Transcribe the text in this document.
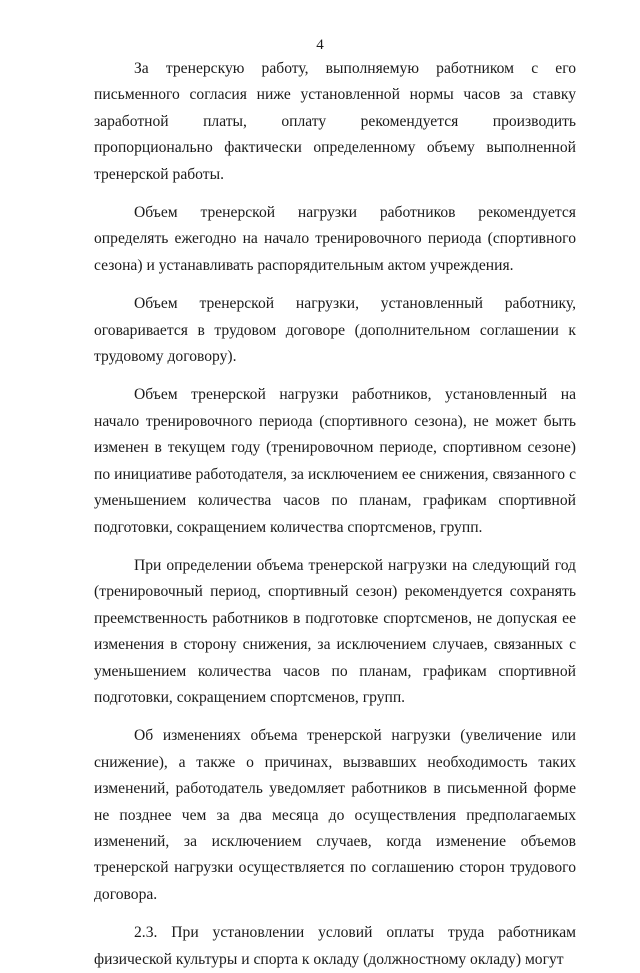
4

За тренерскую работу, выполняемую работником с его письменного согласия ниже установленной нормы часов за ставку заработной платы, оплату рекомендуется производить пропорционально фактически определенному объему выполненной тренерской работы.

Объем тренерской нагрузки работников рекомендуется определять ежегодно на начало тренировочного периода (спортивного сезона) и устанавливать распорядительным актом учреждения.

Объем тренерской нагрузки, установленный работнику, оговаривается в трудовом договоре (дополнительном соглашении к трудовому договору).

Объем тренерской нагрузки работников, установленный на начало тренировочного периода (спортивного сезона), не может быть изменен в текущем году (тренировочном периоде, спортивном сезоне) по инициативе работодателя, за исключением ее снижения, связанного с уменьшением количества часов по планам, графикам спортивной подготовки, сокращением количества спортсменов, групп.

При определении объема тренерской нагрузки на следующий год (тренировочный период, спортивный сезон) рекомендуется сохранять преемственность работников в подготовке спортсменов, не допуская ее изменения в сторону снижения, за исключением случаев, связанных с уменьшением количества часов по планам, графикам спортивной подготовки, сокращением спортсменов, групп.

Об изменениях объема тренерской нагрузки (увеличение или снижение), а также о причинах, вызвавших необходимость таких изменений, работодатель уведомляет работников в письменной форме не позднее чем за два месяца до осуществления предполагаемых изменений, за исключением случаев, когда изменение объемов тренерской нагрузки осуществляется по соглашению сторон трудового договора.

2.3. При установлении условий оплаты труда работникам физической культуры и спорта к окладу (должностному окладу) могут
